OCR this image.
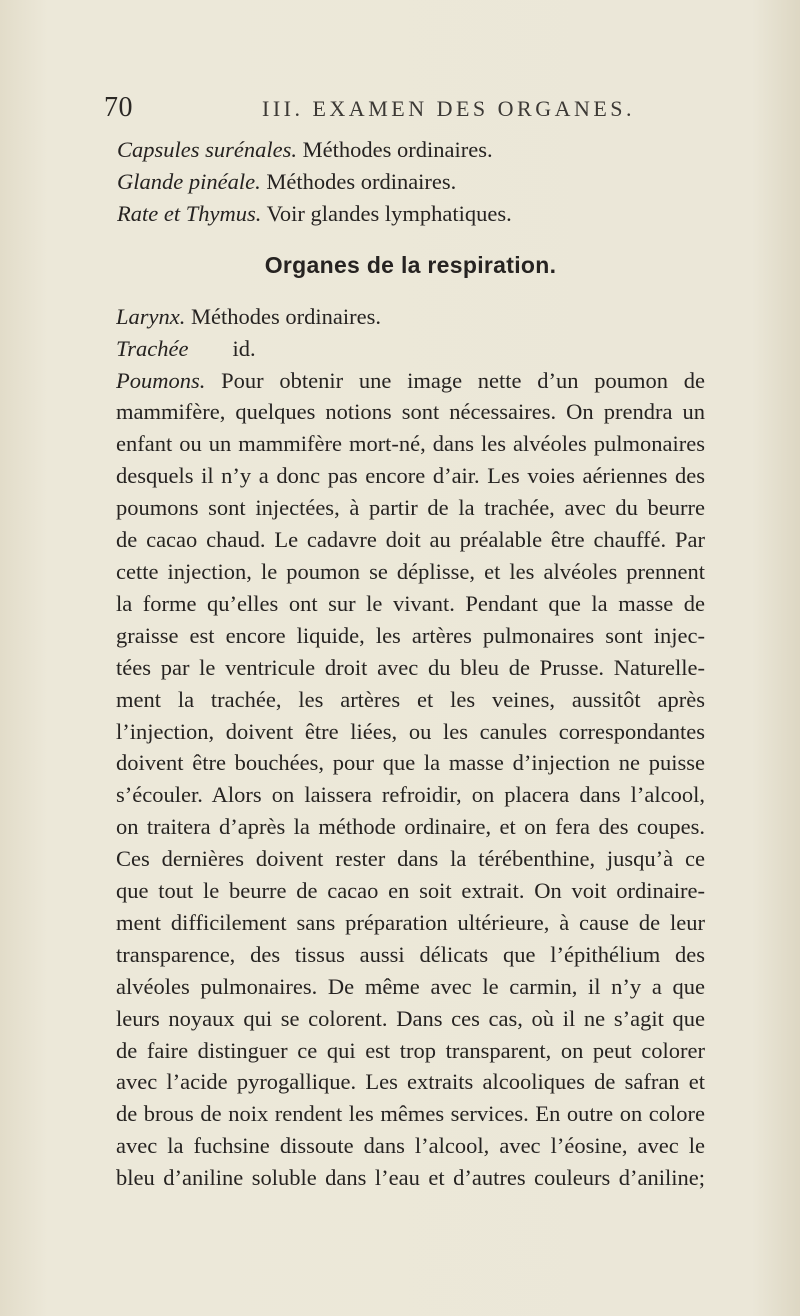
70	III. EXAMEN DES ORGANES.
Capsules surénales. Méthodes ordinaires.
Glande pinéale. Méthodes ordinaires.
Rate et Thymus. Voir glandes lymphatiques.
Organes de la respiration.
Larynx. Méthodes ordinaires.
Trachée id.
Poumons. Pour obtenir une image nette d’un poumon de
mammifère, quelques notions sont nécessaires. On prendra un
enfant ou un mammifère mort-né, dans les alvéoles pulmonaires
desquels il n’y a donc pas encore d’air. Les voies aériennes des
poumons sont injectées, à partir de la trachée, avec du beurre
de cacao chaud. Le cadavre doit au préalable être chauffé. Par
cette injection, le poumon se déplisse, et les alvéoles prennent
la forme qu’elles ont sur le vivant. Pendant que la masse de
graisse est encore liquide, les artères pulmonaires sont injec-
tées par le ventricule droit avec du bleu de Prusse. Naturelle-
ment la trachée, les artères et les veines, aussitôt après
l’injection, doivent être liées, ou les canules correspondantes
doivent être bouchées, pour que la masse d’injection ne puisse
s’écouler. Alors on laissera refroidir, on placera dans l’alcool,
on traitera d’après la méthode ordinaire, et on fera des coupes.
Ces dernières doivent rester dans la térébenthine, jusqu’à ce
que tout le beurre de cacao en soit extrait. On voit ordinaire-
ment difficilement sans préparation ultérieure, à cause de leur
transparence, des tissus aussi délicats que l’épithélium des
alvéoles pulmonaires. De même avec le carmin, il n’y a que
leurs noyaux qui se colorent. Dans ces cas, où il ne s’agit que
de faire distinguer ce qui est trop transparent, on peut colorer
avec l’acide pyrogallique. Les extraits alcooliques de safran et
de brous de noix rendent les mêmes services. En outre on colore
avec la fuchsine dissoute dans l’alcool, avec l’éosine, avec le
bleu d’aniline soluble dans l’eau et d’autres couleurs d’aniline;
